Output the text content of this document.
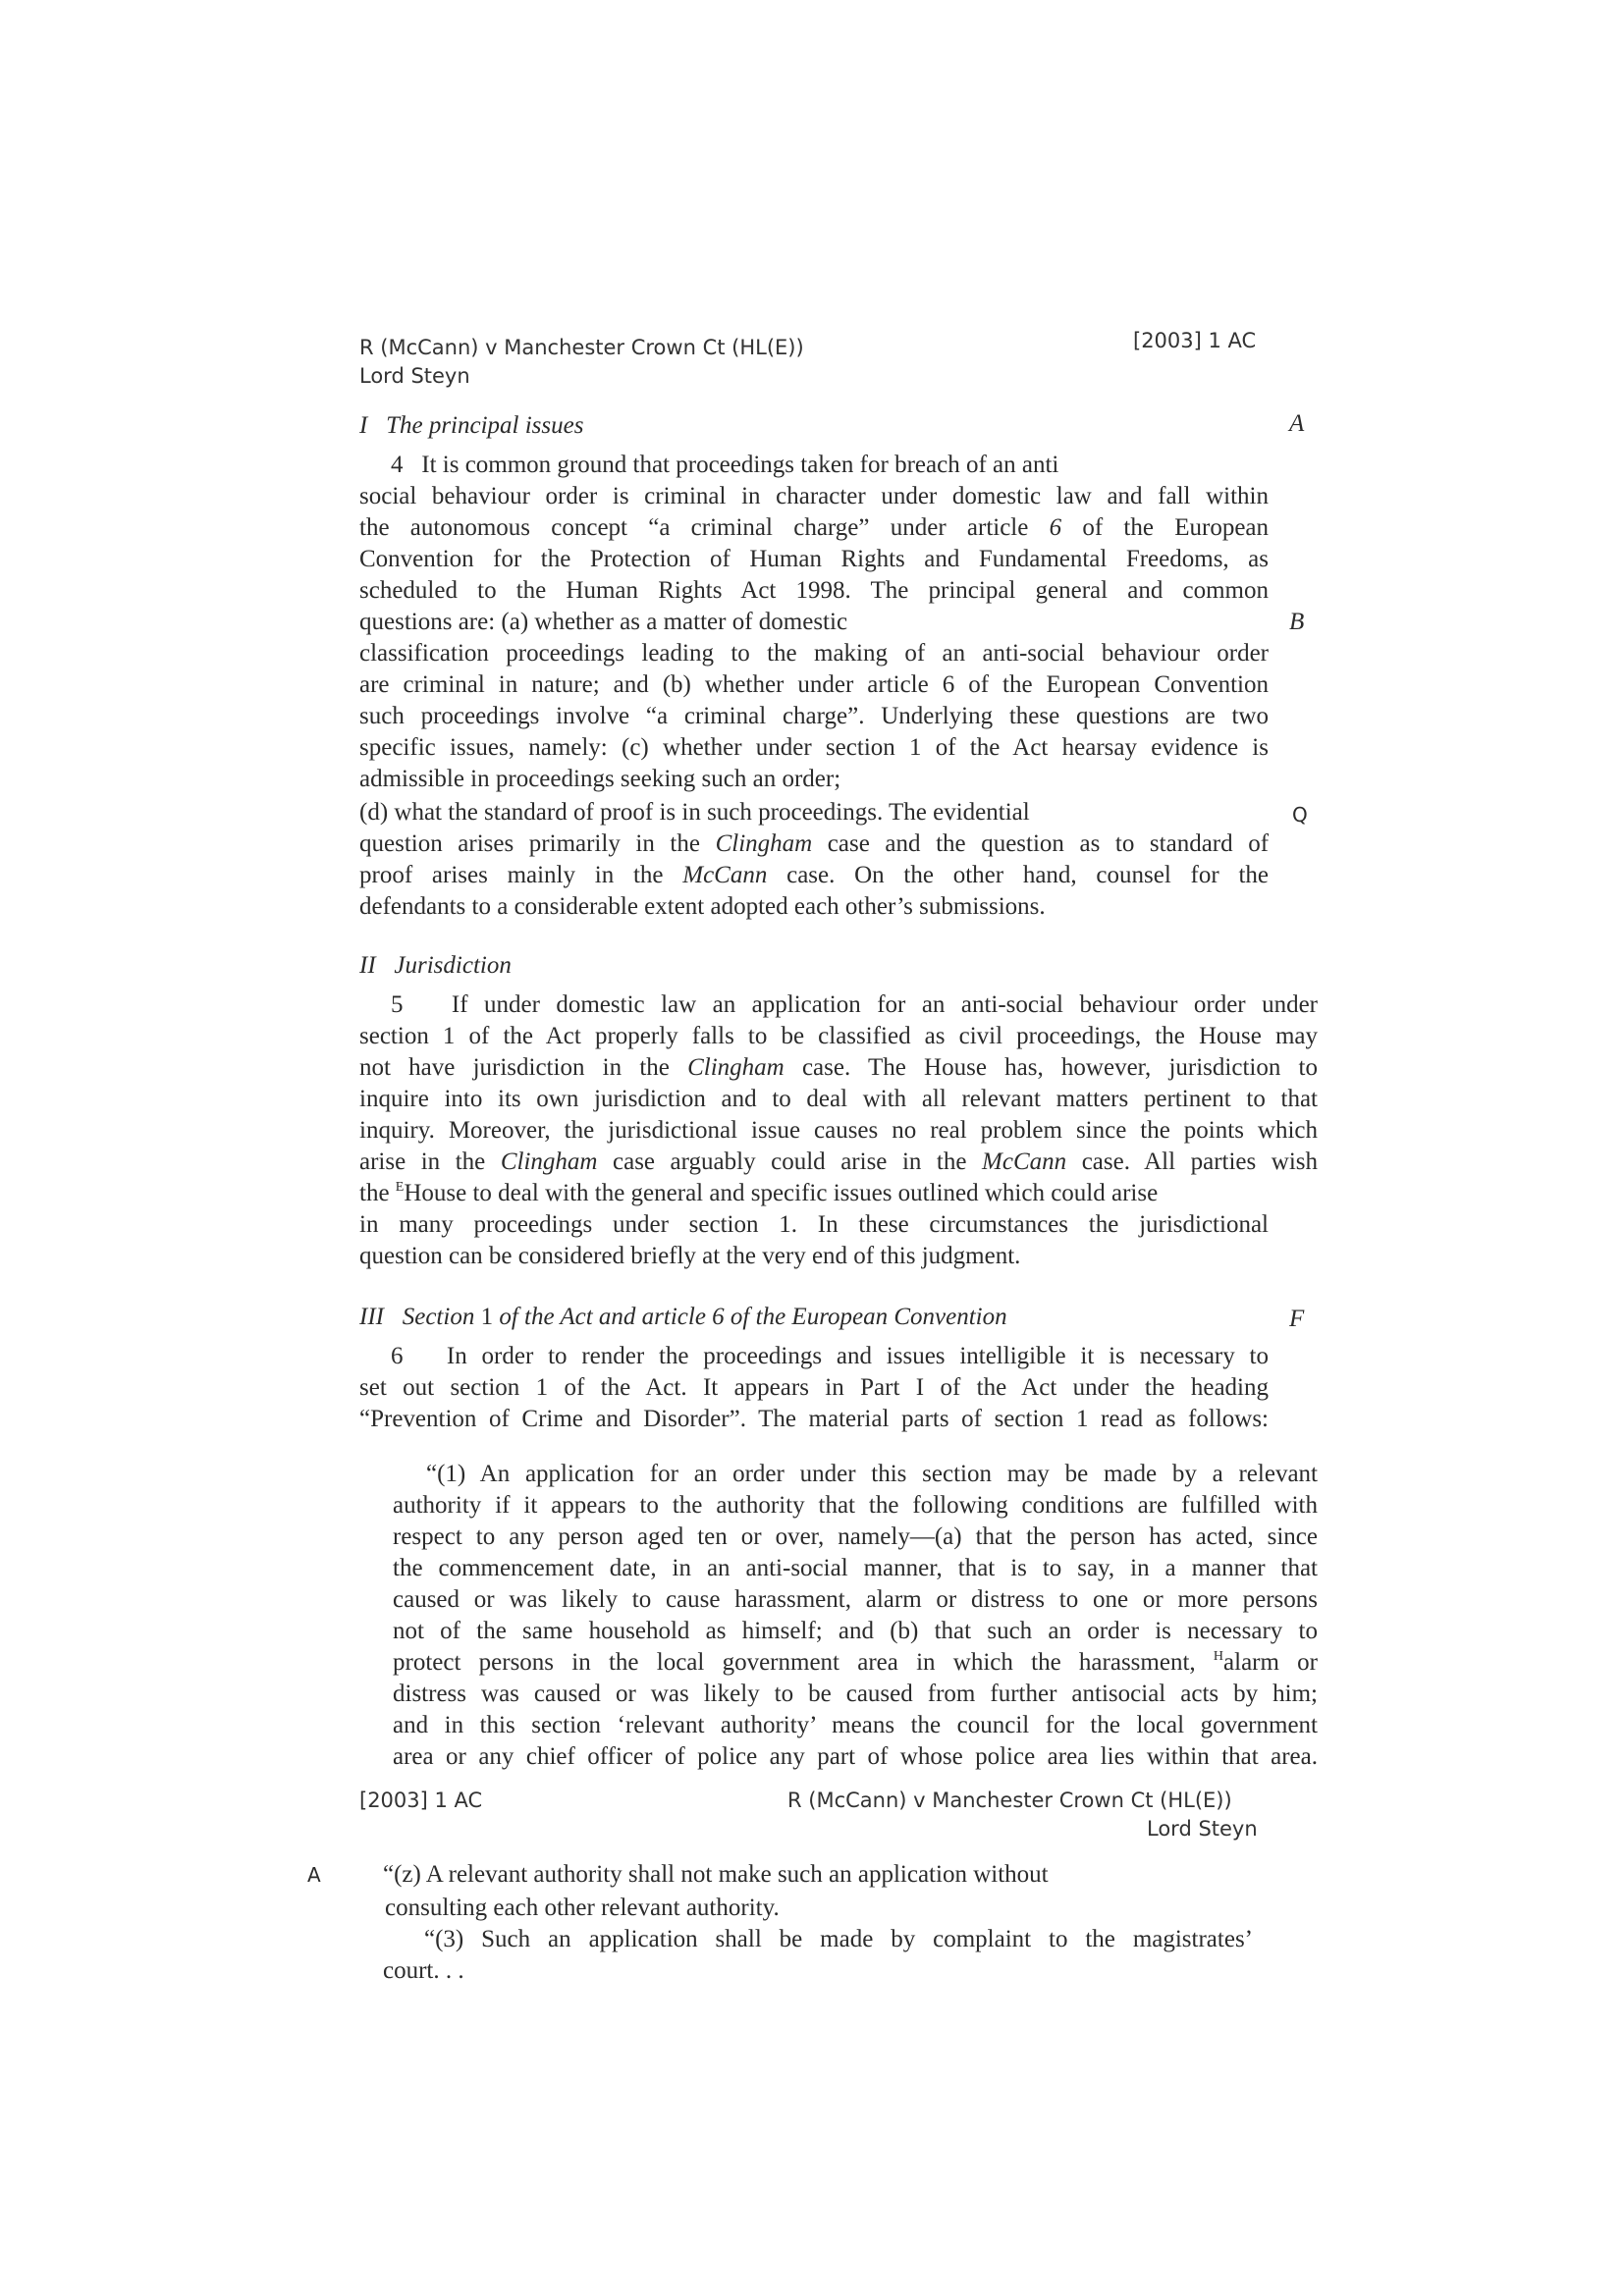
R (McCann) v Manchester Crown Ct (HL(E))
Lord Steyn
[2003] 1 AC
A
B
Q
F
A
I The principal issues
4 It is common ground that proceedings taken for breach of an anti
social behaviour order is criminal in character under domestic law and fall within
the autonomous concept “a criminal charge” under article 6 of the European
Convention for the Protection of Human Rights and Fundamental Freedoms, as
scheduled to the Human Rights Act 1998. The principal general and common
questions are: (a) whether as a matter of domestic
classification proceedings leading to the making of an anti-social behaviour order
are criminal in nature; and (b) whether under article 6 of the European Convention
such proceedings involve “a criminal charge”. Underlying these questions are two
specific issues, namely: (c) whether under section 1 of the Act hearsay evidence is
admissible in proceedings seeking such an order;
(d) what the standard of proof is in such proceedings. The evidential
question arises primarily in the Clingham case and the question as to standard of
proof arises mainly in the McCann case. On the other hand, counsel for the
defendants to a considerable extent adopted each other’s submissions.
II Jurisdiction
5 If under domestic law an application for an anti-social behaviour order under
section 1 of the Act properly falls to be classified as civil proceedings, the House may
not have jurisdiction in the Clingham case. The House has, however, jurisdiction to
inquire into its own jurisdiction and to deal with all relevant matters pertinent to that
inquiry. Moreover, the jurisdictional issue causes no real problem since the points which
arise in the Clingham case arguably could arise in the McCann case. All parties wish
the $^E$House to deal with the general and specific issues outlined which could arise
in many proceedings under section 1. In these circumstances the jurisdictional
question can be considered briefly at the very end of this judgment.
III Section 1 of the Act and article 6 of the European Convention
6 In order to render the proceedings and issues intelligible it is necessary to
set out section 1 of the Act. It appears in Part I of the Act under the heading
“Prevention of Crime and Disorder”. The material parts of section 1 read as follows:
“(1) An application for an order under this section may be made by a relevant
authority if it appears to the authority that the following conditions are fulfilled with
respect to any person aged ten or over, namely—(a) that the person has acted, since
the commencement date, in an anti-social manner, that is to say, in a manner that
caused or was likely to cause harassment, alarm or distress to one or more persons
not of the same household as himself; and (b) that such an order is necessary to
protect persons in the local government area in which the harassment, $^H$alarm or
distress was caused or was likely to be caused from further antisocial acts by him;
and in this section ‘relevant authority’ means the council for the local government
area or any chief officer of police any part of whose police area lies within that area.
[2003] 1 AC	R (McCann) v Manchester Crown Ct (HL(E))
Lord Steyn
“(z) A relevant authority shall not make such an application without
consulting each other relevant authority.
“(3) Such an application shall be made by complaint to the magistrates’
court. . .
